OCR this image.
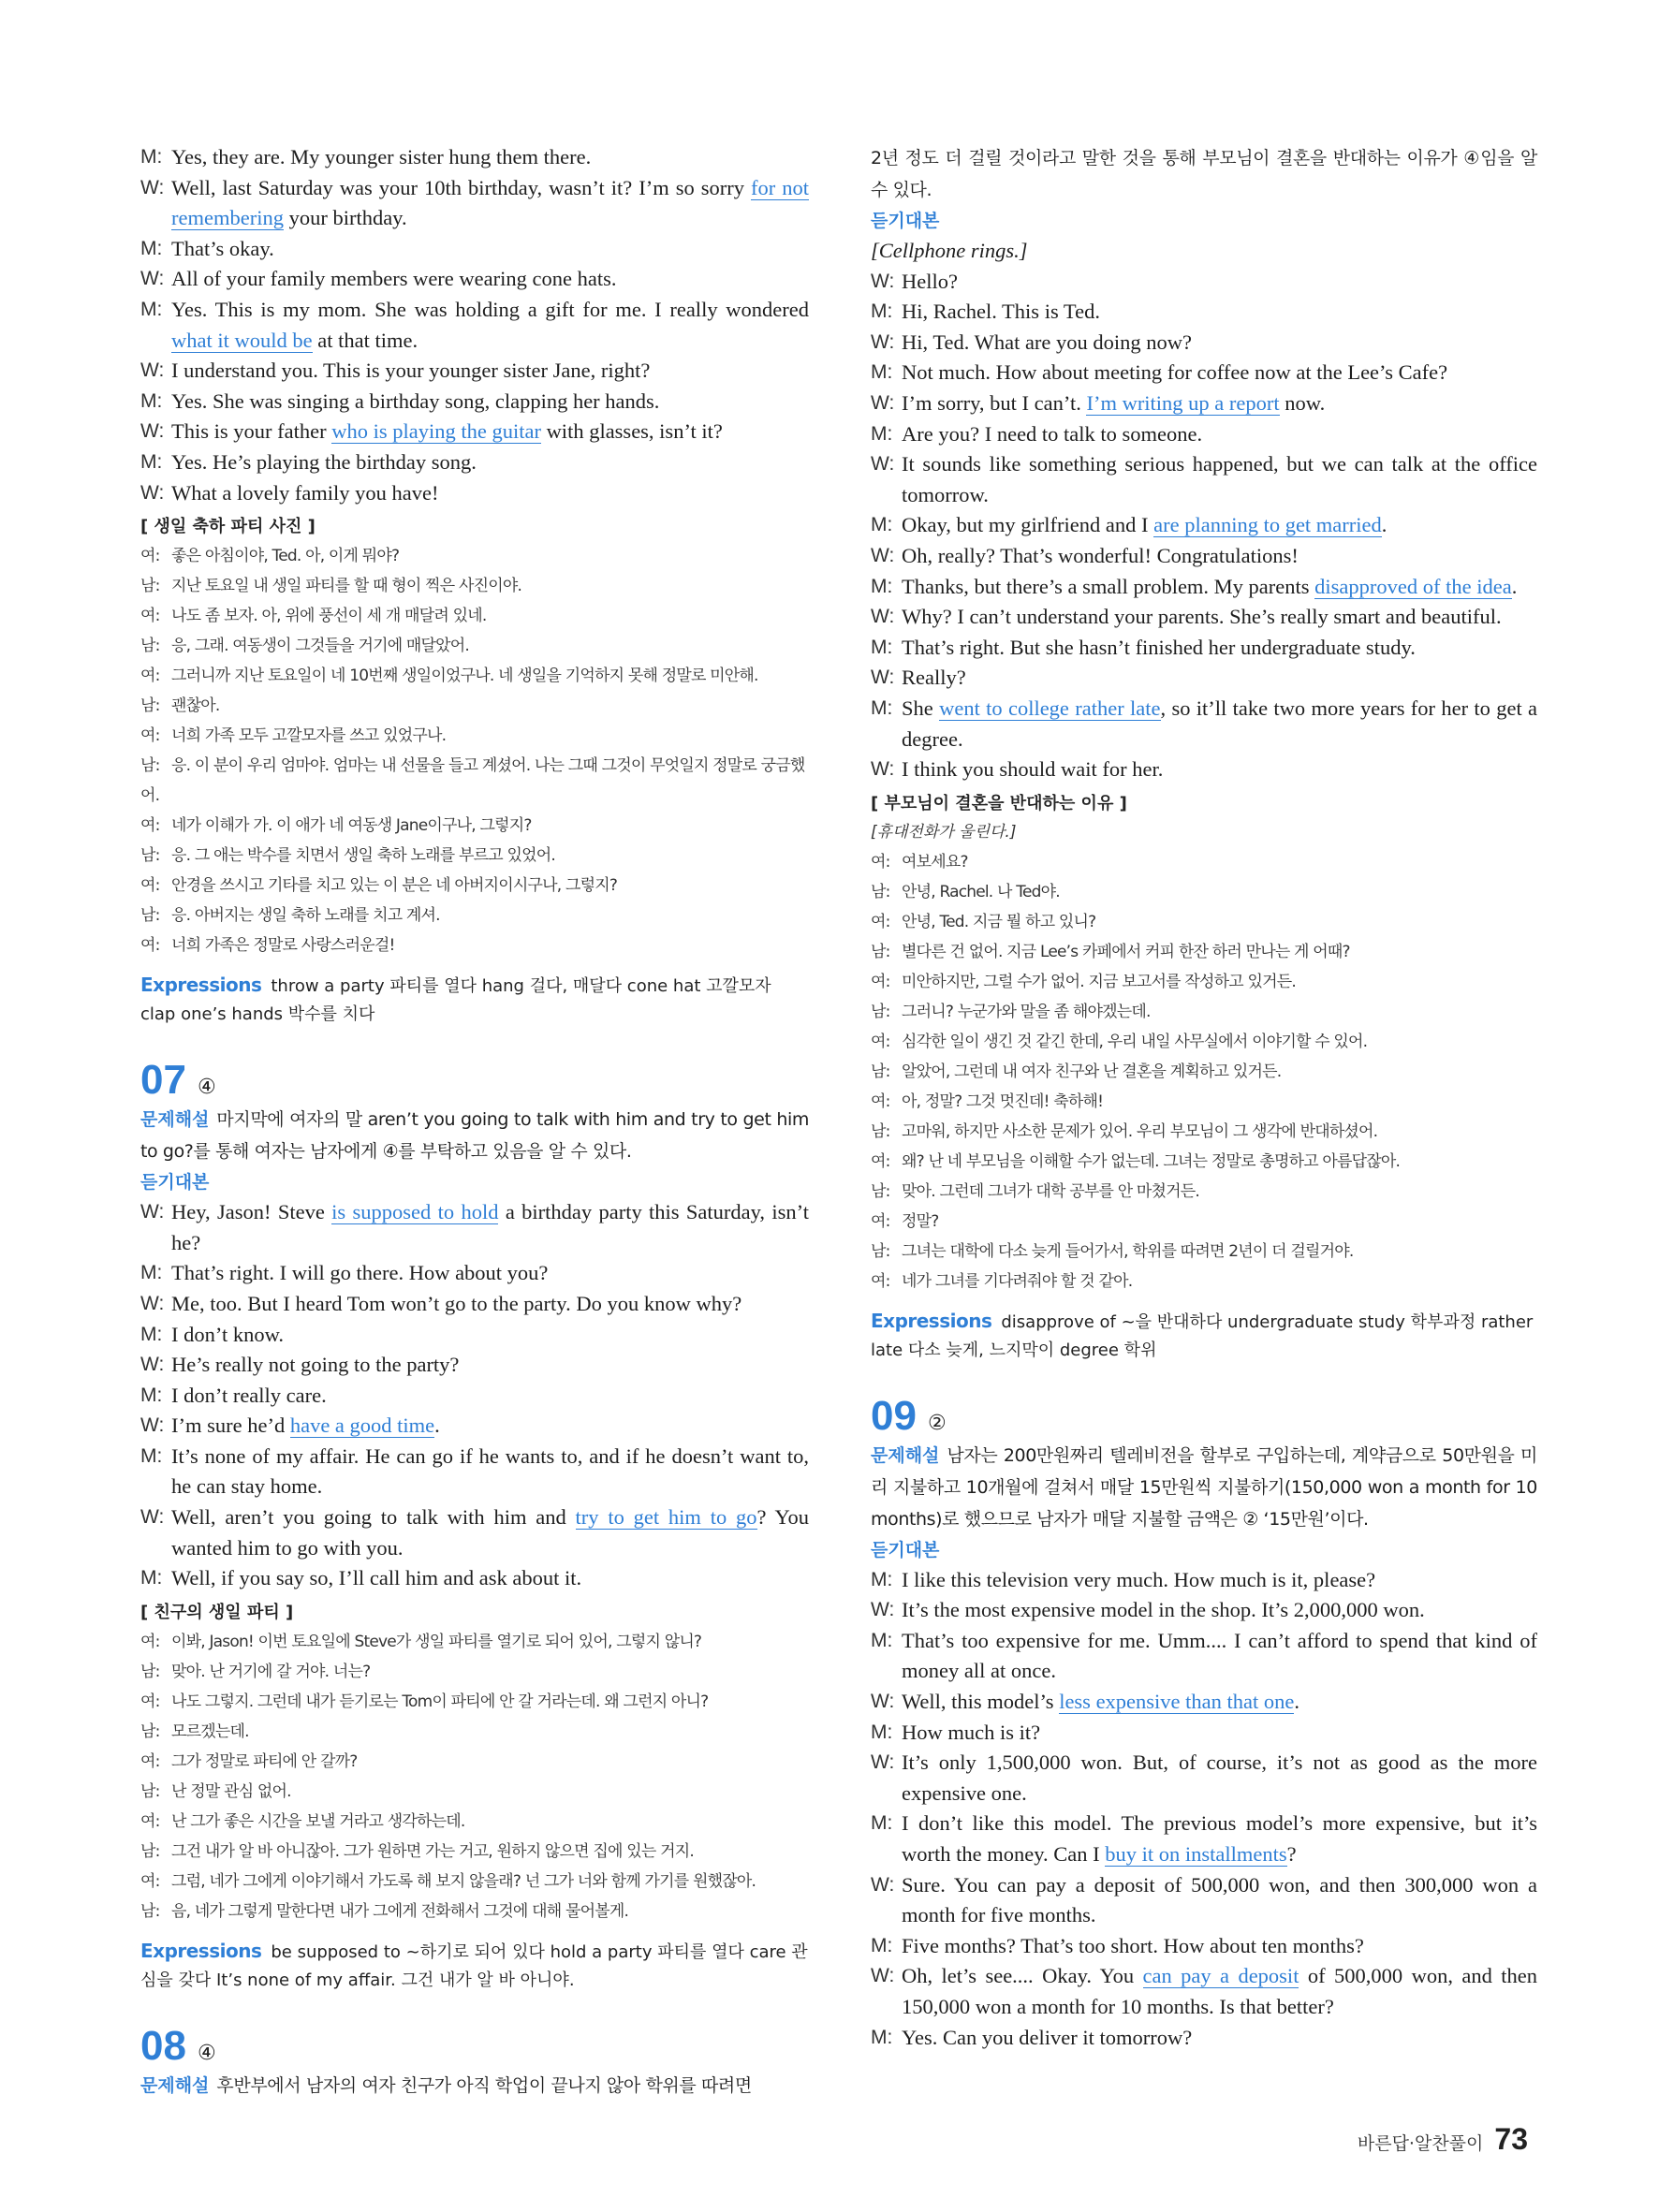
M: Yes, they are. My younger sister hung them there.
W: Well, last Saturday was your 10th birthday, wasn’t it? I’m so sorry for not remembering your birthday.
M: That’s okay.
W: All of your family members were wearing cone hats.
M: Yes. This is my mom. She was holding a gift for me. I really wondered what it would be at that time.
W: I understand you. This is your younger sister Jane, right?
M: Yes. She was singing a birthday song, clapping her hands.
W: This is your father who is playing the guitar with glasses, isn’t it?
M: Yes. He’s playing the birthday song.
W: What a lovely family you have!
[ 생일 축하 파티 사진 ]
여: 좋은 아침이야, Ted. 아, 이게 뭐야?
남: 지난 토요일 내 생일 파티를 할 때 형이 찍은 사진이야.
여: 나도 좀 보자. 아, 위에 풍선이 세 개 매달려 있네.
남: 응, 그래. 여동생이 그것들을 거기에 매달았어.
여: 그러니까 지난 토요일이 네 10번째 생일이었구나. 네 생일을 기억하지 못해 정말로 미안해.
남: 괜찮아.
여: 너희 가족 모두 고깔모자를 쓰고 있었구나.
남: 응. 이 분이 우리 엄마야. 엄마는 내 선물을 들고 계셨어. 나는 그때 그것이 무엇일지 정말로 궁금했어.
여: 네가 이해가 가. 이 애가 네 여동생 Jane이구나, 그렇지?
남: 응. 그 애는 박수를 치면서 생일 축하 노래를 부르고 있었어.
여: 안경을 쓰시고 기타를 치고 있는 이 분은 네 아버지이시구나, 그렇지?
남: 응. 아버지는 생일 축하 노래를 치고 계셔.
여: 너희 가족은 정말로 사랑스러운걸!
Expressions throw a party 파티를 열다 hang 걸다, 매달다 cone hat 고깔모자 clap one’s hands 박수를 치다
07 ④
문제해설 마지막에 여자의 말 aren’t you going to talk with him and try to get him to go?를 통해 여자는 남자에게 ④를 부탁하고 있음을 알 수 있다.
듣기대본
W: Hey, Jason! Steve is supposed to hold a birthday party this Saturday, isn’t he?
M: That’s right. I will go there. How about you?
W: Me, too. But I heard Tom won’t go to the party. Do you know why?
M: I don’t know.
W: He’s really not going to the party?
M: I don’t really care.
W: I’m sure he’d have a good time.
M: It’s none of my affair. He can go if he wants to, and if he doesn’t want to, he can stay home.
W: Well, aren’t you going to talk with him and try to get him to go? You wanted him to go with you.
M: Well, if you say so, I’ll call him and ask about it.
[ 친구의 생일 파티 ]
여: 이봐, Jason! 이번 토요일에 Steve가 생일 파티를 열기로 되어 있어, 그렇지 않니?
남: 맞아. 난 거기에 갈 거야. 너는?
여: 나도 그렇지. 그런데 내가 듣기로는 Tom이 파티에 안 갈 거라는데. 왜 그런지 아니?
남: 모르겠는데.
여: 그가 정말로 파티에 안 갈까?
남: 난 정말 관심 없어.
여: 난 그가 좋은 시간을 보낼 거라고 생각하는데.
남: 그건 내가 알 바 아니잖아. 그가 원하면 가는 거고, 원하지 않으면 집에 있는 거지.
여: 그럼, 네가 그에게 이야기해서 가도록 해 보지 않을래? 넌 그가 너와 함께 가기를 원했잖아.
남: 음, 네가 그렇게 말한다면 내가 그에게 전화해서 그것에 대해 물어볼게.
Expressions be supposed to ~하기로 되어 있다 hold a party 파티를 열다 care 관심을 갖다 It’s none of my affair. 그건 내가 알 바 아니야.
08 ④
문제해설 후반부에서 남자의 여자 친구가 아직 학업이 끝나지 않아 학위를 따려면
2년 정도 더 걸릴 것이라고 말한 것을 통해 부모님이 결혼을 반대하는 이유가 ④임을 알 수 있다.
듣기대본
[Cellphone rings.]
W: Hello?
M: Hi, Rachel. This is Ted.
W: Hi, Ted. What are you doing now?
M: Not much. How about meeting for coffee now at the Lee’s Cafe?
W: I’m sorry, but I can’t. I’m writing up a report now.
M: Are you? I need to talk to someone.
W: It sounds like something serious happened, but we can talk at the office tomorrow.
M: Okay, but my girlfriend and I are planning to get married.
W: Oh, really? That’s wonderful! Congratulations!
M: Thanks, but there’s a small problem. My parents disapproved of the idea.
W: Why? I can’t understand your parents. She’s really smart and beautiful.
M: That’s right. But she hasn’t finished her undergraduate study.
W: Really?
M: She went to college rather late, so it’ll take two more years for her to get a degree.
W: I think you should wait for her.
[ 부모님이 결혼을 반대하는 이유 ]
[휴대전화가 울린다.]
여: 여보세요?
남: 안녕, Rachel. 나 Ted야.
여: 안녕, Ted. 지금 뭘 하고 있니?
남: 별다른 건 없어. 지금 Lee’s 카페에서 커피 한잔 하러 만나는 게 어때?
여: 미안하지만, 그럴 수가 없어. 지금 보고서를 작성하고 있거든.
남: 그러니? 누군가와 말을 좀 해야겠는데.
여: 심각한 일이 생긴 것 같긴 한데, 우리 내일 사무실에서 이야기할 수 있어.
남: 알았어, 그런데 내 여자 친구와 난 결혼을 계획하고 있거든.
여: 아, 정말? 그것 멋진데! 축하해!
남: 고마워, 하지만 사소한 문제가 있어. 우리 부모님이 그 생각에 반대하셨어.
여: 왜? 난 네 부모님을 이해할 수가 없는데. 그녀는 정말로 총명하고 아름답잖아.
남: 맞아. 그런데 그녀가 대학 공부를 안 마쳤거든.
여: 정말?
남: 그녀는 대학에 다소 늦게 들어가서, 학위를 따려면 2년이 더 걸릴거야.
여: 네가 그녀를 기다려줘야 할 것 같아.
Expressions disapprove of ~을 반대하다 undergraduate study 학부과정 rather late 다소 늦게, 느지막이 degree 학위
09 ②
문제해설 남자는 200만원짜리 텔레비전을 할부로 구입하는데, 계약금으로 50만원을 미리 지불하고 10개월에 걸쳐서 매달 15만원씩 지불하기(150,000 won a month for 10 months)로 했으므로 남자가 매달 지불할 금액은 ② ‘15만원’이다.
듣기대본
M: I like this television very much. How much is it, please?
W: It’s the most expensive model in the shop. It’s 2,000,000 won.
M: That’s too expensive for me. Umm.... I can’t afford to spend that kind of money all at once.
W: Well, this model’s less expensive than that one.
M: How much is it?
W: It’s only 1,500,000 won. But, of course, it’s not as good as the more expensive one.
M: I don’t like this model. The previous model’s more expensive, but it’s worth the money. Can I buy it on installments?
W: Sure. You can pay a deposit of 500,000 won, and then 300,000 won a month for five months.
M: Five months? That’s too short. How about ten months?
W: Oh, let’s see.... Okay. You can pay a deposit of 500,000 won, and then 150,000 won a month for 10 months. Is that better?
M: Yes. Can you deliver it tomorrow?
바른답·알찬풀이 73
